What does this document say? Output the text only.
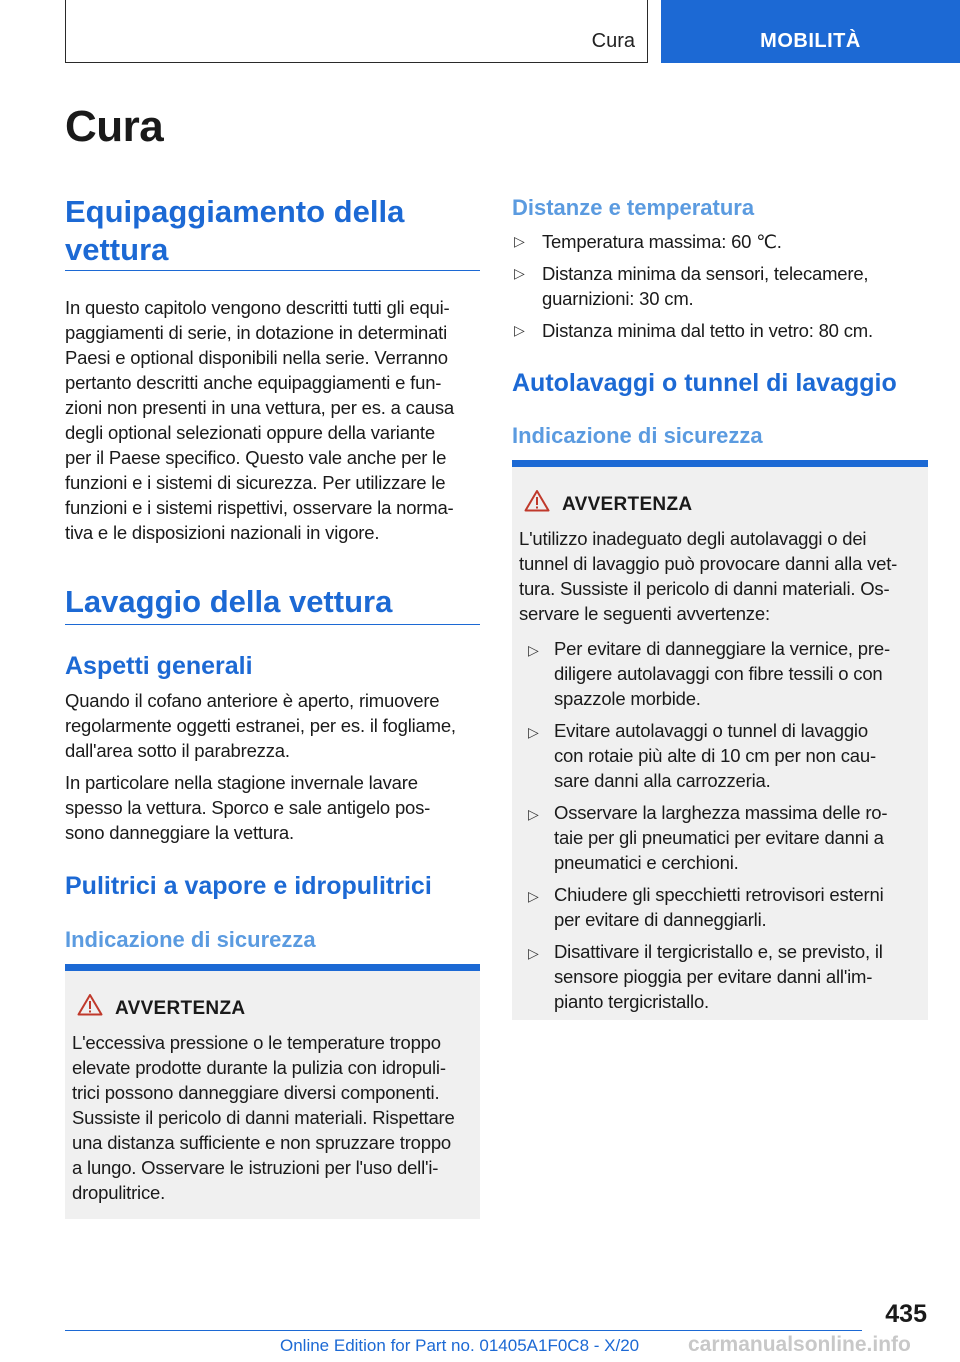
Cura	MOBILITÀ
Cura
Equipaggiamento della
vettura
In questo capitolo vengono descritti tutti gli equi-
paggiamenti di serie, in dotazione in determinati
Paesi e optional disponibili nella serie. Verranno
pertanto descritti anche equipaggiamenti e fun-
zioni non presenti in una vettura, per es. a causa
degli optional selezionati oppure della variante
per il Paese specifico. Questo vale anche per le
funzioni e i sistemi di sicurezza. Per utilizzare le
funzioni e i sistemi rispettivi, osservare la norma-
tiva e le disposizioni nazionali in vigore.
Lavaggio della vettura
Aspetti generali
Quando il cofano anteriore è aperto, rimuovere
regolarmente oggetti estranei, per es. il fogliame,
dall'area sotto il parabrezza.
In particolare nella stagione invernale lavare
spesso la vettura. Sporco e sale antigelo pos-
sono danneggiare la vettura.
Pulitrici a vapore e idropulitrici
Indicazione di sicurezza
AVVERTENZA
L'eccessiva pressione o le temperature troppo
elevate prodotte durante la pulizia con idropuli-
trici possono danneggiare diversi componenti.
Sussiste il pericolo di danni materiali. Rispettare
una distanza sufficiente e non spruzzare troppo
a lungo. Osservare le istruzioni per l'uso dell'i-
dropulitrice.
Distanze e temperatura
▷ Temperatura massima: 60 ℃.
▷ Distanza minima da sensori, telecamere,
guarnizioni: 30 cm.
▷ Distanza minima dal tetto in vetro: 80 cm.
Autolavaggi o tunnel di lavaggio
Indicazione di sicurezza
AVVERTENZA
L'utilizzo inadeguato degli autolavaggi o dei
tunnel di lavaggio può provocare danni alla vet-
tura. Sussiste il pericolo di danni materiali. Os-
servare le seguenti avvertenze:
▷ Per evitare di danneggiare la vernice, pre-
diligere autolavaggi con fibre tessili o con
spazzole morbide.
▷ Evitare autolavaggi o tunnel di lavaggio
con rotaie più alte di 10 cm per non cau-
sare danni alla carrozzeria.
▷ Osservare la larghezza massima delle ro-
taie per gli pneumatici per evitare danni a
pneumatici e cerchioni.
▷ Chiudere gli specchietti retrovisori esterni
per evitare di danneggiarli.
▷ Disattivare il tergicristallo e, se previsto, il
sensore pioggia per evitare danni all'im-
pianto tergicristallo.
435
Online Edition for Part no. 01405A1F0C8 - X/20 carmanualsonline.info
